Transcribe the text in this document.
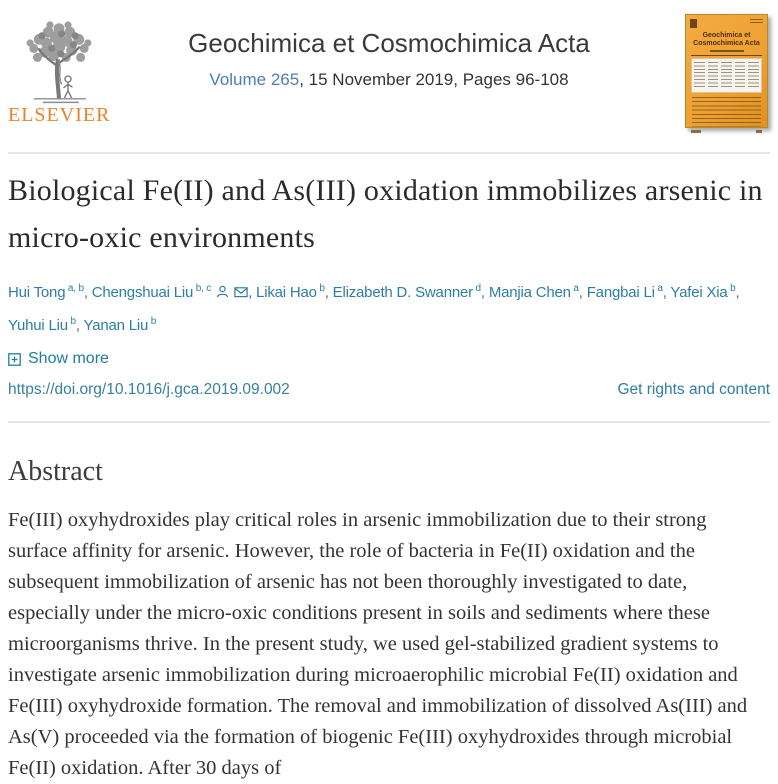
ELSEVIER
Geochimica et Cosmochimica Acta
Volume 265, 15 November 2019, Pages 96-108
Geochimica et Cosmochimica Acta
Biological Fe(II) and As(III) oxidation immobilizes arsenic in micro-oxic environments
Hui Tong $^{a, b}$, Chengshuai Liu $^{b, c}$ , Likai Hao $^b$, Elizabeth D. Swanner $^d$, Manjia Chen $^a$, Fangbai Li $^a$, Yafei Xia $^b$, Yuhui Liu $^b$, Yanan Liu $^b$
Show more
https://doi.org/10.1016/j.gca.2019.09.002	Get rights and content
Abstract

Fe(III) oxyhydroxides play critical roles in arsenic immobilization due to their strong surface affinity for arsenic. However, the role of bacteria in Fe(II) oxidation and the subsequent immobilization of arsenic has not been thoroughly investigated to date, especially under the micro-oxic conditions present in soils and sediments where these microorganisms thrive. In the present study, we used gel-stabilized gradient systems to investigate arsenic immobilization during microaerophilic microbial Fe(II) oxidation and Fe(III) oxyhydroxide formation. The removal and immobilization of dissolved As(III) and As(V) proceeded via the formation of biogenic Fe(III) oxyhydroxides through microbial Fe(II) oxidation. After 30 days of
